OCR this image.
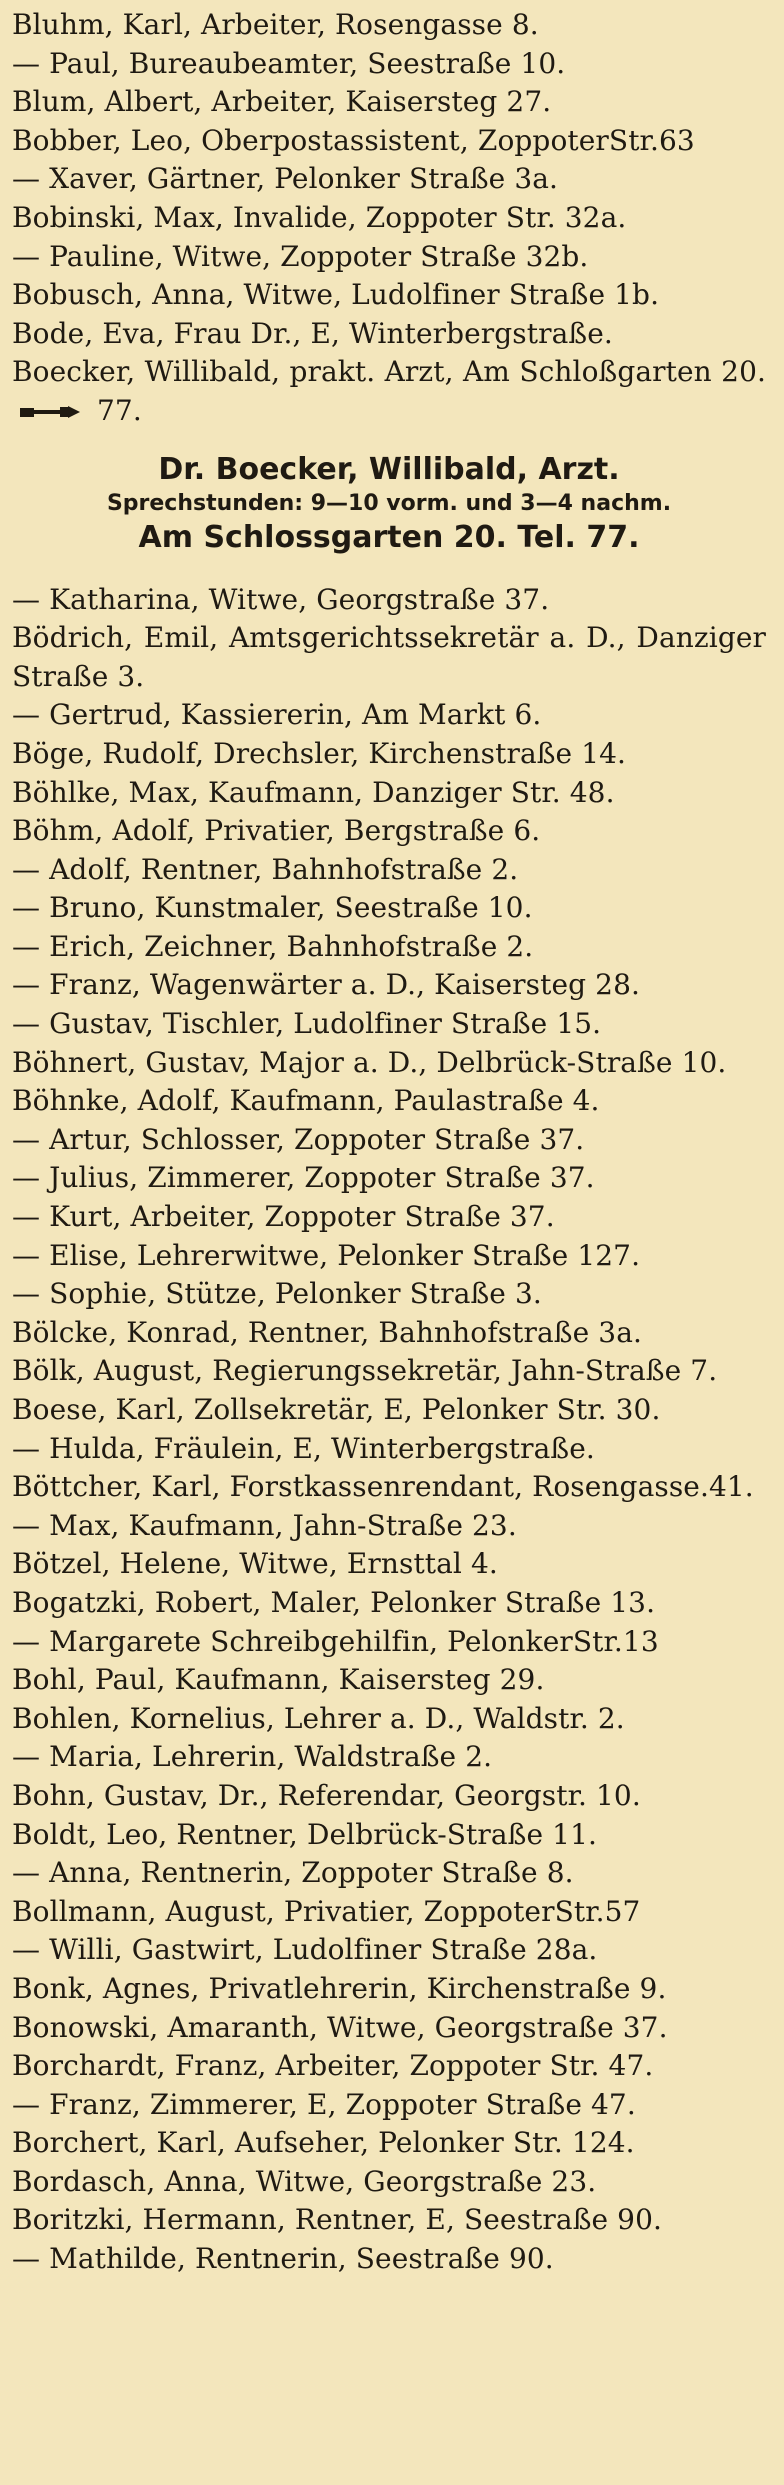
Bluhm, Karl, Arbeiter, Rosengasse 8.
— Paul, Bureaubeamter, Seestraße 10.
Blum, Albert, Arbeiter, Kaisersteg 27.
Bobber, Leo, Oberpostassistent, ZoppoterStr.63
— Xaver, Gärtner, Pelonker Straße 3a.
Bobinski, Max, Invalide, Zoppoter Str. 32a.
— Pauline, Witwe, Zoppoter Straße 32b.
Bobusch, Anna, Witwe, Ludolfiner Straße 1b.
Bode, Eva, Frau Dr., E, Winterbergstraße.
Boecker, Willibald, prakt. Arzt, Am Schloßgarten 20.  77.
Dr. Boecker, Willibald, Arzt.
Sprechstunden: 9—10 vorm. und 3—4 nachm.
Am Schlossgarten 20. Tel. 77.
— Katharina, Witwe, Georgstraße 37.
Bödrich, Emil, Amtsgerichtssekretär a. D., Danziger Straße 3.
— Gertrud, Kassiererin, Am Markt 6.
Böge, Rudolf, Drechsler, Kirchenstraße 14.
Böhlke, Max, Kaufmann, Danziger Str. 48.
Böhm, Adolf, Privatier, Bergstraße 6.
— Adolf, Rentner, Bahnhofstraße 2.
— Bruno, Kunstmaler, Seestraße 10.
— Erich, Zeichner, Bahnhofstraße 2.
— Franz, Wagenwärter a. D., Kaisersteg 28.
— Gustav, Tischler, Ludolfiner Straße 15.
Böhnert, Gustav, Major a. D., Delbrück-Straße 10.
Böhnke, Adolf, Kaufmann, Paulastraße 4.
— Artur, Schlosser, Zoppoter Straße 37.
— Julius, Zimmerer, Zoppoter Straße 37.
— Kurt, Arbeiter, Zoppoter Straße 37.
— Elise, Lehrerwitwe, Pelonker Straße 127.
— Sophie, Stütze, Pelonker Straße 3.
Bölcke, Konrad, Rentner, Bahnhofstraße 3a.
Bölk, August, Regierungssekretär, Jahn-Straße 7.
Boese, Karl, Zollsekretär, E, Pelonker Str. 30.
— Hulda, Fräulein, E, Winterbergstraße.
Böttcher, Karl, Forstkassenrendant, Rosengasse.41.
— Max, Kaufmann, Jahn-Straße 23.
Bötzel, Helene, Witwe, Ernsttal 4.
Bogatzki, Robert, Maler, Pelonker Straße 13.
— Margarete Schreibgehilfin, PelonkerStr.13
Bohl, Paul, Kaufmann, Kaisersteg 29.
Bohlen, Kornelius, Lehrer a. D., Waldstr. 2.
— Maria, Lehrerin, Waldstraße 2.
Bohn, Gustav, Dr., Referendar, Georgstr. 10.
Boldt, Leo, Rentner, Delbrück-Straße 11.
— Anna, Rentnerin, Zoppoter Straße 8.
Bollmann, August, Privatier, ZoppoterStr.57
— Willi, Gastwirt, Ludolfiner Straße 28a.
Bonk, Agnes, Privatlehrerin, Kirchenstraße 9.
Bonowski, Amaranth, Witwe, Georgstraße 37.
Borchardt, Franz, Arbeiter, Zoppoter Str. 47.
— Franz, Zimmerer, E, Zoppoter Straße 47.
Borchert, Karl, Aufseher, Pelonker Str. 124.
Bordasch, Anna, Witwe, Georgstraße 23.
Boritzki, Hermann, Rentner, E, Seestraße 90.
— Mathilde, Rentnerin, Seestraße 90.
